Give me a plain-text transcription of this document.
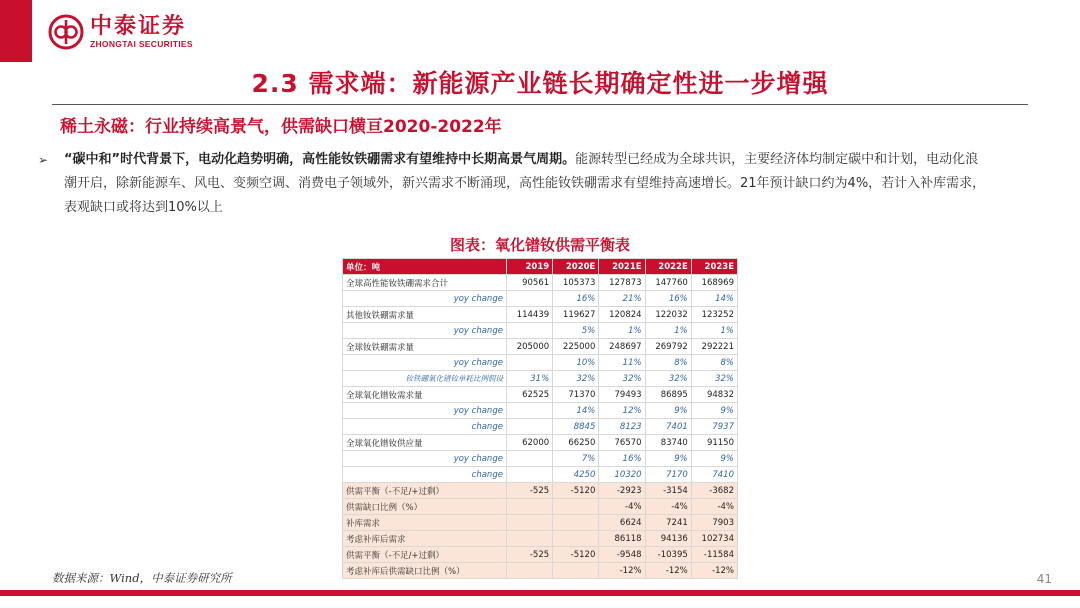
中泰证券
ZHONGTAI SECURITIES
2.3 需求端：新能源产业链长期确定性进一步增强
稀土永磁：行业持续高景气，供需缺口横亘2020-2022年
➢ “碳中和”时代背景下，电动化趋势明确，高性能钕铁硼需求有望维持中长期高景气周期。能源转型已经成为全球共识，主要经济体均制定碳中和计划，电动化浪潮开启，除新能源车、风电、变频空调、消费电子领域外，新兴需求不断涌现，高性能钕铁硼需求有望维持高速增长。21年预计缺口约为4%，若计入补库需求，表观缺口或将达到10%以上
图表：氧化镨钕供需平衡表
单位：吨	2019	2020E	2021E	2022E	2023E
全球高性能钕铁硼需求合计	90561	105373	127873	147760	168969
yoy change		16%	21%	16%	14%
其他钕铁硼需求量	114439	119627	120824	122032	123252
yoy change		5%	1%	1%	1%
全球钕铁硼需求量	205000	225000	248697	269792	292221
yoy change		10%	11%	8%	8%
钕铁硼氧化镨钕单耗比例假设	31%	32%	32%	32%	32%
全球氧化镨钕需求量	62525	71370	79493	86895	94832
yoy change		14%	12%	9%	9%
change		8845	8123	7401	7937
全球氧化镨钕供应量	62000	66250	76570	83740	91150
yoy change		7%	16%	9%	9%
change		4250	10320	7170	7410
供需平衡（-不足/+过剩）	-525	-5120	-2923	-3154	-3682
供需缺口比例（%）			-4%	-4%	-4%
补库需求			6624	7241	7903
考虑补库后需求			86118	94136	102734
供需平衡（-不足/+过剩）	-525	-5120	-9548	-10395	-11584
考虑补库后供需缺口比例（%）			-12%	-12%	-12%
数据来源：Wind，中泰证券研究所	41
